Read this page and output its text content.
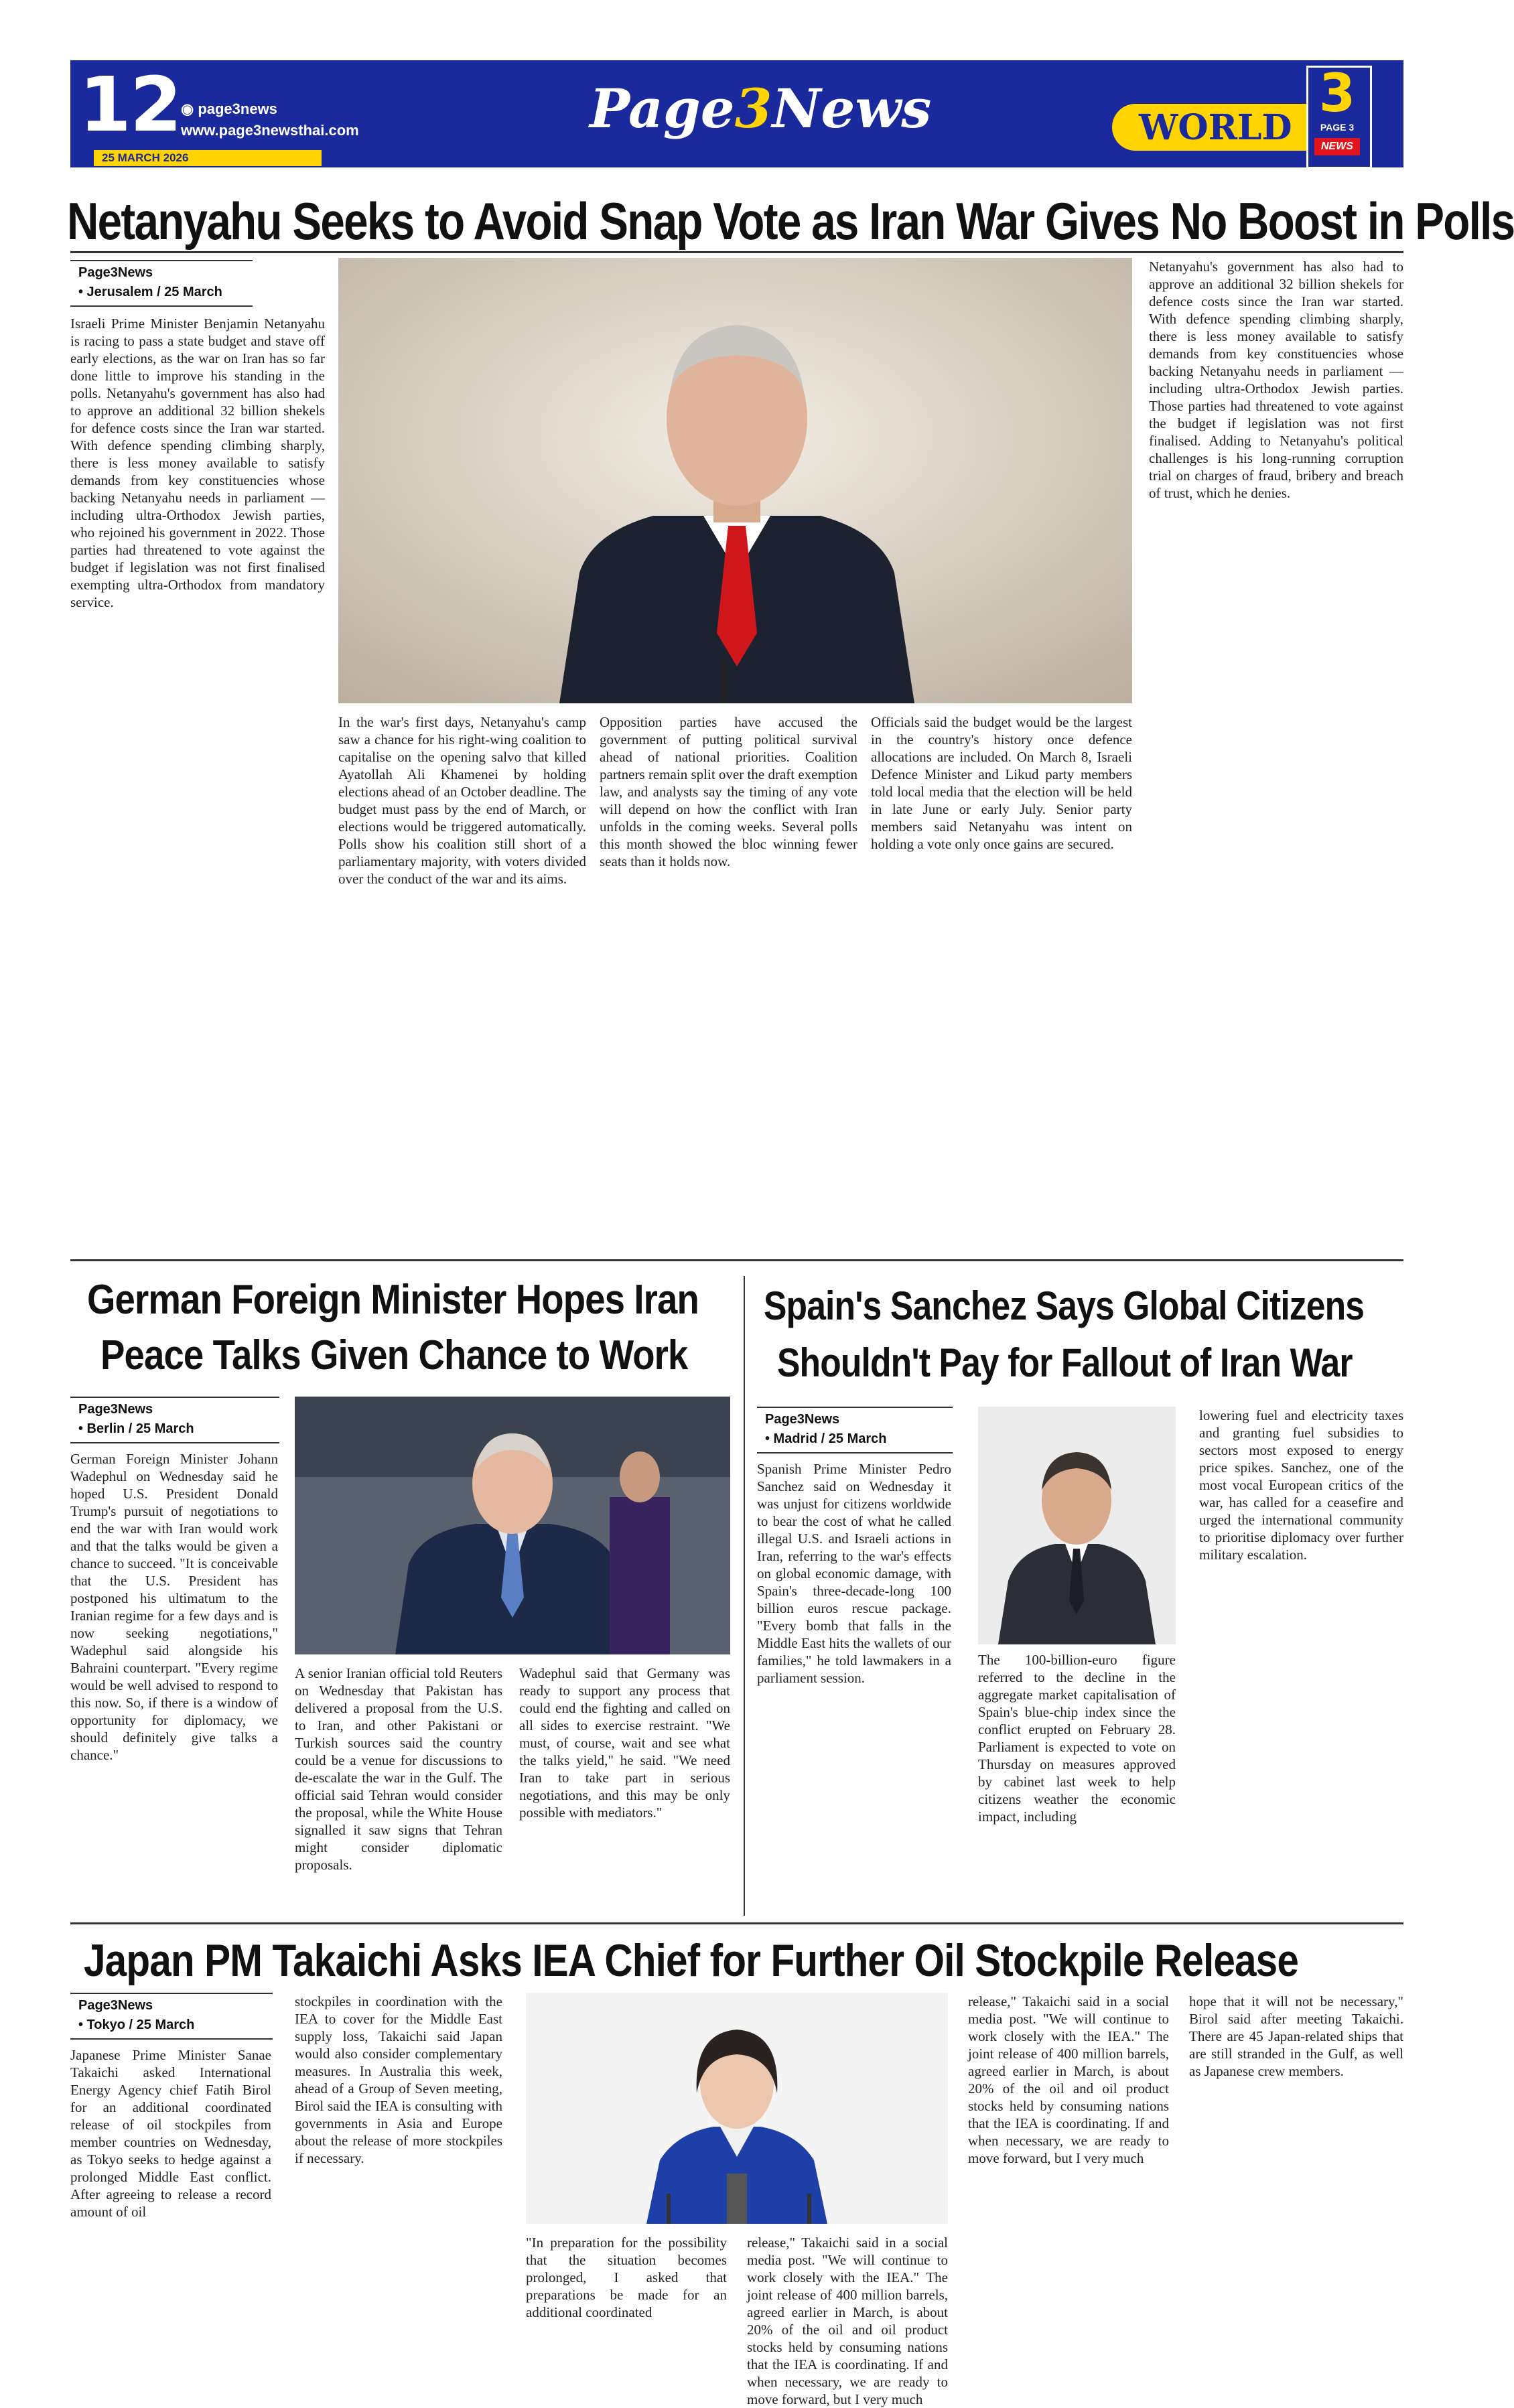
12 ◉ page3news
www.page3newsthai.com
25 MARCH 2026
Page3News	WORLD
3
PAGE 3
NEWS
Netanyahu Seeks to Avoid Snap Vote as Iran War Gives No Boost in Polls
Page3News
• Jerusalem / 25 March

Israeli Prime Minister Benjamin Netanyahu is racing to pass a state budget and stave off early elections, as the war on Iran has so far done little to improve his standing in the polls. Netanyahu's government has also had to approve an additional 32 billion shekels for defence costs since the Iran war started. With defence spending climbing sharply, there is less money available to satisfy demands from key constituencies whose backing Netanyahu needs in parliament — including ultra-Orthodox Jewish parties, who rejoined his government in 2022. Those parties had threatened to vote against the budget if legislation was not first finalised exempting ultra-Orthodox from mandatory service.

In the war's first days, Netanyahu's camp saw a chance for his right-wing coalition to capitalise on the opening salvo that killed Ayatollah Ali Khamenei by holding elections ahead of an October deadline. The budget must pass by the end of March, or elections would be triggered automatically. Polls show his coalition still short of a parliamentary majority, with voters divided over the conduct of the war and its aims.

Opposition parties have accused the government of putting political survival ahead of national priorities. Coalition partners remain split over the draft exemption law, and analysts say the timing of any vote will depend on how the conflict with Iran unfolds in the coming weeks. Several polls this month showed the bloc winning fewer seats than it holds now.

Officials said the budget would be the largest in the country's history once defence allocations are included. On March 8, Israeli Defence Minister and Likud party members told local media that the election will be held in late June or early July. Senior party members said Netanyahu was intent on holding a vote only once gains are secured.

Netanyahu's government has also had to approve an additional 32 billion shekels for defence costs since the Iran war started. With defence spending climbing sharply, there is less money available to satisfy demands from key constituencies whose backing Netanyahu needs in parliament — including ultra-Orthodox Jewish parties. Those parties had threatened to vote against the budget if legislation was not first finalised. Adding to Netanyahu's political challenges is his long-running corruption trial on charges of fraud, bribery and breach of trust, which he denies.

German Foreign Minister Hopes Iran
Peace Talks Given Chance to Work
Page3News
• Berlin / 25 March

German Foreign Minister Johann Wadephul on Wednesday said he hoped U.S. President Donald Trump's pursuit of negotiations to end the war with Iran would work and that the talks would be given a chance to succeed. "It is conceivable that the U.S. President has postponed his ultimatum to the Iranian regime for a few days and is now seeking negotiations," Wadephul said alongside his Bahraini counterpart. "Every regime would be well advised to respond to this now. So, if there is a window of opportunity for diplomacy, we should definitely give talks a chance."

A senior Iranian official told Reuters on Wednesday that Pakistan has delivered a proposal from the U.S. to Iran, and other Pakistani or Turkish sources said the country could be a venue for discussions to de-escalate the war in the Gulf. The official said Tehran would consider the proposal, while the White House signalled it saw signs that Tehran might consider diplomatic proposals.

Wadephul said that Germany was ready to support any process that could end the fighting and called on all sides to exercise restraint. "We must, of course, wait and see what the talks yield," he said. "We need Iran to take part in serious negotiations, and this may be only possible with mediators."

Spain's Sanchez Says Global Citizens
Shouldn't Pay for Fallout of Iran War
Page3News
• Madrid / 25 March

Spanish Prime Minister Pedro Sanchez said on Wednesday it was unjust for citizens worldwide to bear the cost of what he called illegal U.S. and Israeli actions in Iran, referring to the war's effects on global economic damage, with Spain's three-decade-long 100 billion euros rescue package. "Every bomb that falls in the Middle East hits the wallets of our families," he told lawmakers in a parliament session.

The 100-billion-euro figure referred to the decline in the aggregate market capitalisation of Spain's blue-chip index since the conflict erupted on February 28. Parliament is expected to vote on Thursday on measures approved by cabinet last week to help citizens weather the economic impact, including

lowering fuel and electricity taxes and granting fuel subsidies to sectors most exposed to energy price spikes. Sanchez, one of the most vocal European critics of the war, has called for a ceasefire and urged the international community to prioritise diplomacy over further military escalation.

Japan PM Takaichi Asks IEA Chief for Further Oil Stockpile Release
Page3News
• Tokyo / 25 March

Japanese Prime Minister Sanae Takaichi asked International Energy Agency chief Fatih Birol for an additional coordinated release of oil stockpiles from member countries on Wednesday, as Tokyo seeks to hedge against a prolonged Middle East conflict. After agreeing to release a record amount of oil

stockpiles in coordination with the IEA to cover for the Middle East supply loss, Takaichi said Japan would also consider complementary measures. In Australia this week, ahead of a Group of Seven meeting, Birol said the IEA is consulting with governments in Asia and Europe about the release of more stockpiles if necessary.

"In preparation for the possibility that the situation becomes prolonged, I asked that preparations be made for an additional coordinated

release," Takaichi said in a social media post. "We will continue to work closely with the IEA." The joint release of 400 million barrels, agreed earlier in March, is about 20% of the oil and oil product stocks held by consuming nations that the IEA is coordinating. If and when necessary, we are ready to move forward, but I very much

release," Takaichi said in a social media post. "We will continue to work closely with the IEA." The joint release of 400 million barrels, agreed earlier in March, is about 20% of the oil and oil product stocks held by consuming nations that the IEA is coordinating. If and when necessary, we are ready to move forward, but I very much

hope that it will not be necessary," Birol said after meeting Takaichi. There are 45 Japan-related ships that are still stranded in the Gulf, as well as Japanese crew members.
